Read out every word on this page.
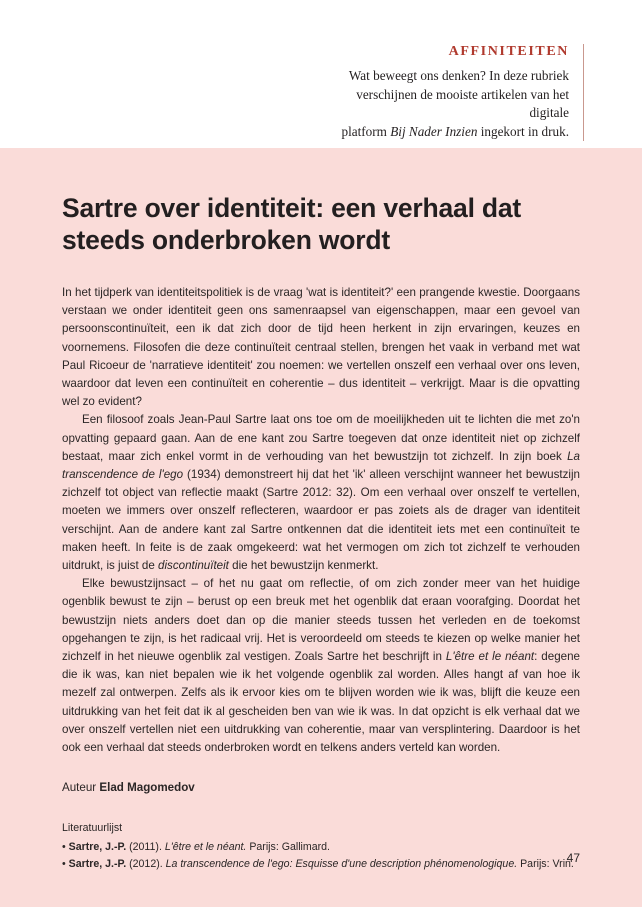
AFFINITEITEN
Wat beweegt ons denken? In deze rubriek
verschijnen de mooiste artikelen van het digitale
platform Bij Nader Inzien ingekort in druk.
Sartre over identiteit: een verhaal dat steeds onderbroken wordt

In het tijdperk van identiteitspolitiek is de vraag 'wat is identiteit?' een prangende kwestie. Doorgaans verstaan we onder identiteit geen ons samenraapsel van eigenschappen, maar een gevoel van persoonscontinuïteit, een ik dat zich door de tijd heen herkent in zijn ervaringen, keuzes en voornemens. Filosofen die deze continuïteit centraal stellen, brengen het vaak in verband met wat Paul Ricoeur de 'narratieve identiteit' zou noemen: we vertellen onszelf een verhaal over ons leven, waardoor dat leven een continuïteit en coherentie – dus identiteit – verkrijgt. Maar is die opvatting wel zo evident?

Een filosoof zoals Jean-Paul Sartre laat ons toe om de moeilijkheden uit te lichten die met zo'n opvatting gepaard gaan. Aan de ene kant zou Sartre toegeven dat onze identiteit niet op zichzelf bestaat, maar zich enkel vormt in de verhouding van het bewustzijn tot zichzelf. In zijn boek La transcendence de l'ego (1934) demonstreert hij dat het 'ik' alleen verschijnt wanneer het bewustzijn zichzelf tot object van reflectie maakt (Sartre 2012: 32). Om een verhaal over onszelf te vertellen, moeten we immers over onszelf reflecteren, waardoor er pas zoiets als de drager van identiteit verschijnt. Aan de andere kant zal Sartre ontkennen dat die identiteit iets met een continuïteit te maken heeft. In feite is de zaak omgekeerd: wat het vermogen om zich tot zichzelf te verhouden uitdrukt, is juist de discontinuïteit die het bewustzijn kenmerkt.

Elke bewustzijnsact – of het nu gaat om reflectie, of om zich zonder meer van het huidige ogenblik bewust te zijn – berust op een breuk met het ogenblik dat eraan voorafging. Doordat het bewustzijn niets anders doet dan op die manier steeds tussen het verleden en de toekomst opgehangen te zijn, is het radicaal vrij. Het is veroordeeld om steeds te kiezen op welke manier het zichzelf in het nieuwe ogenblik zal vestigen. Zoals Sartre het beschrijft in L'être et le néant: degene die ik was, kan niet bepalen wie ik het volgende ogenblik zal worden. Alles hangt af van hoe ik mezelf zal ontwerpen. Zelfs als ik ervoor kies om te blijven worden wie ik was, blijft die keuze een uitdrukking van het feit dat ik al gescheiden ben van wie ik was. In dat opzicht is elk verhaal dat we over onszelf vertellen niet een uitdrukking van coherentie, maar van versplintering. Daardoor is het ook een verhaal dat steeds onderbroken wordt en telkens anders verteld kan worden.

Auteur Elad Magomedov
Literatuurlijst
• Sartre, J.-P. (2011). L'être et le néant. Parijs: Gallimard.
• Sartre, J.-P. (2012). La transcendence de l'ego: Esquisse d'une description phénomenologique. Parijs: Vrin.
47
